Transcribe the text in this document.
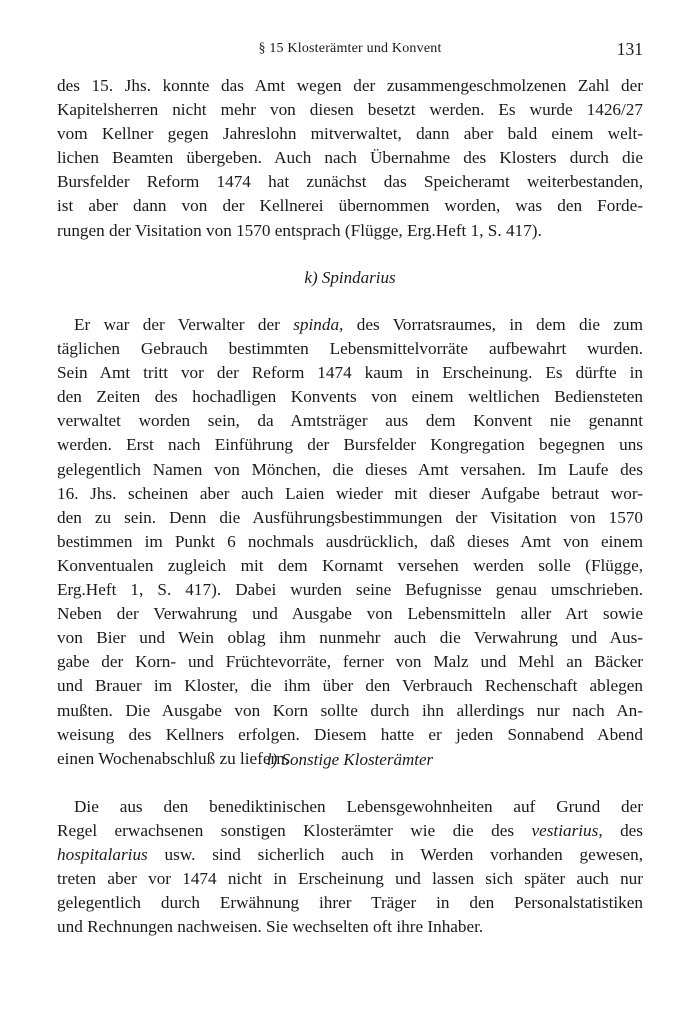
§ 15 Klosterämter und Konvent	131
des 15. Jhs. konnte das Amt wegen der zusammengeschmolzenen Zahl der
Kapitelsherren nicht mehr von diesen besetzt werden. Es wurde 1426/27
vom Kellner gegen Jahreslohn mitverwaltet, dann aber bald einem welt-
lichen Beamten übergeben. Auch nach Übernahme des Klosters durch die
Bursfelder Reform 1474 hat zunächst das Speicheramt weiterbestanden,
ist aber dann von der Kellnerei übernommen worden, was den Forde-
rungen der Visitation von 1570 entsprach (Flügge, Erg.Heft 1, S. 417).
k) Spindarius
Er war der Verwalter der spinda, des Vorratsraumes, in dem die zum
täglichen Gebrauch bestimmten Lebensmittelvorräte aufbewahrt wurden.
Sein Amt tritt vor der Reform 1474 kaum in Erscheinung. Es dürfte in
den Zeiten des hochadligen Konvents von einem weltlichen Bediensteten
verwaltet worden sein, da Amtsträger aus dem Konvent nie genannt
werden. Erst nach Einführung der Bursfelder Kongregation begegnen uns
gelegentlich Namen von Mönchen, die dieses Amt versahen. Im Laufe des
16. Jhs. scheinen aber auch Laien wieder mit dieser Aufgabe betraut wor-
den zu sein. Denn die Ausführungsbestimmungen der Visitation von 1570
bestimmen im Punkt 6 nochmals ausdrücklich, daß dieses Amt von einem
Konventualen zugleich mit dem Kornamt versehen werden solle (Flügge,
Erg.Heft 1, S. 417). Dabei wurden seine Befugnisse genau umschrieben.
Neben der Verwahrung und Ausgabe von Lebensmitteln aller Art sowie
von Bier und Wein oblag ihm nunmehr auch die Verwahrung und Aus-
gabe der Korn- und Früchtevorräte, ferner von Malz und Mehl an Bäcker
und Brauer im Kloster, die ihm über den Verbrauch Rechenschaft ablegen
mußten. Die Ausgabe von Korn sollte durch ihn allerdings nur nach An-
weisung des Kellners erfolgen. Diesem hatte er jeden Sonnabend Abend
einen Wochenabschluß zu liefern.
l) Sonstige Klosterämter
Die aus den benediktinischen Lebensgewohnheiten auf Grund der
Regel erwachsenen sonstigen Klosterämter wie die des vestiarius, des
hospitalarius usw. sind sicherlich auch in Werden vorhanden gewesen,
treten aber vor 1474 nicht in Erscheinung und lassen sich später auch nur
gelegentlich durch Erwähnung ihrer Träger in den Personalstatistiken
und Rechnungen nachweisen. Sie wechselten oft ihre Inhaber.
